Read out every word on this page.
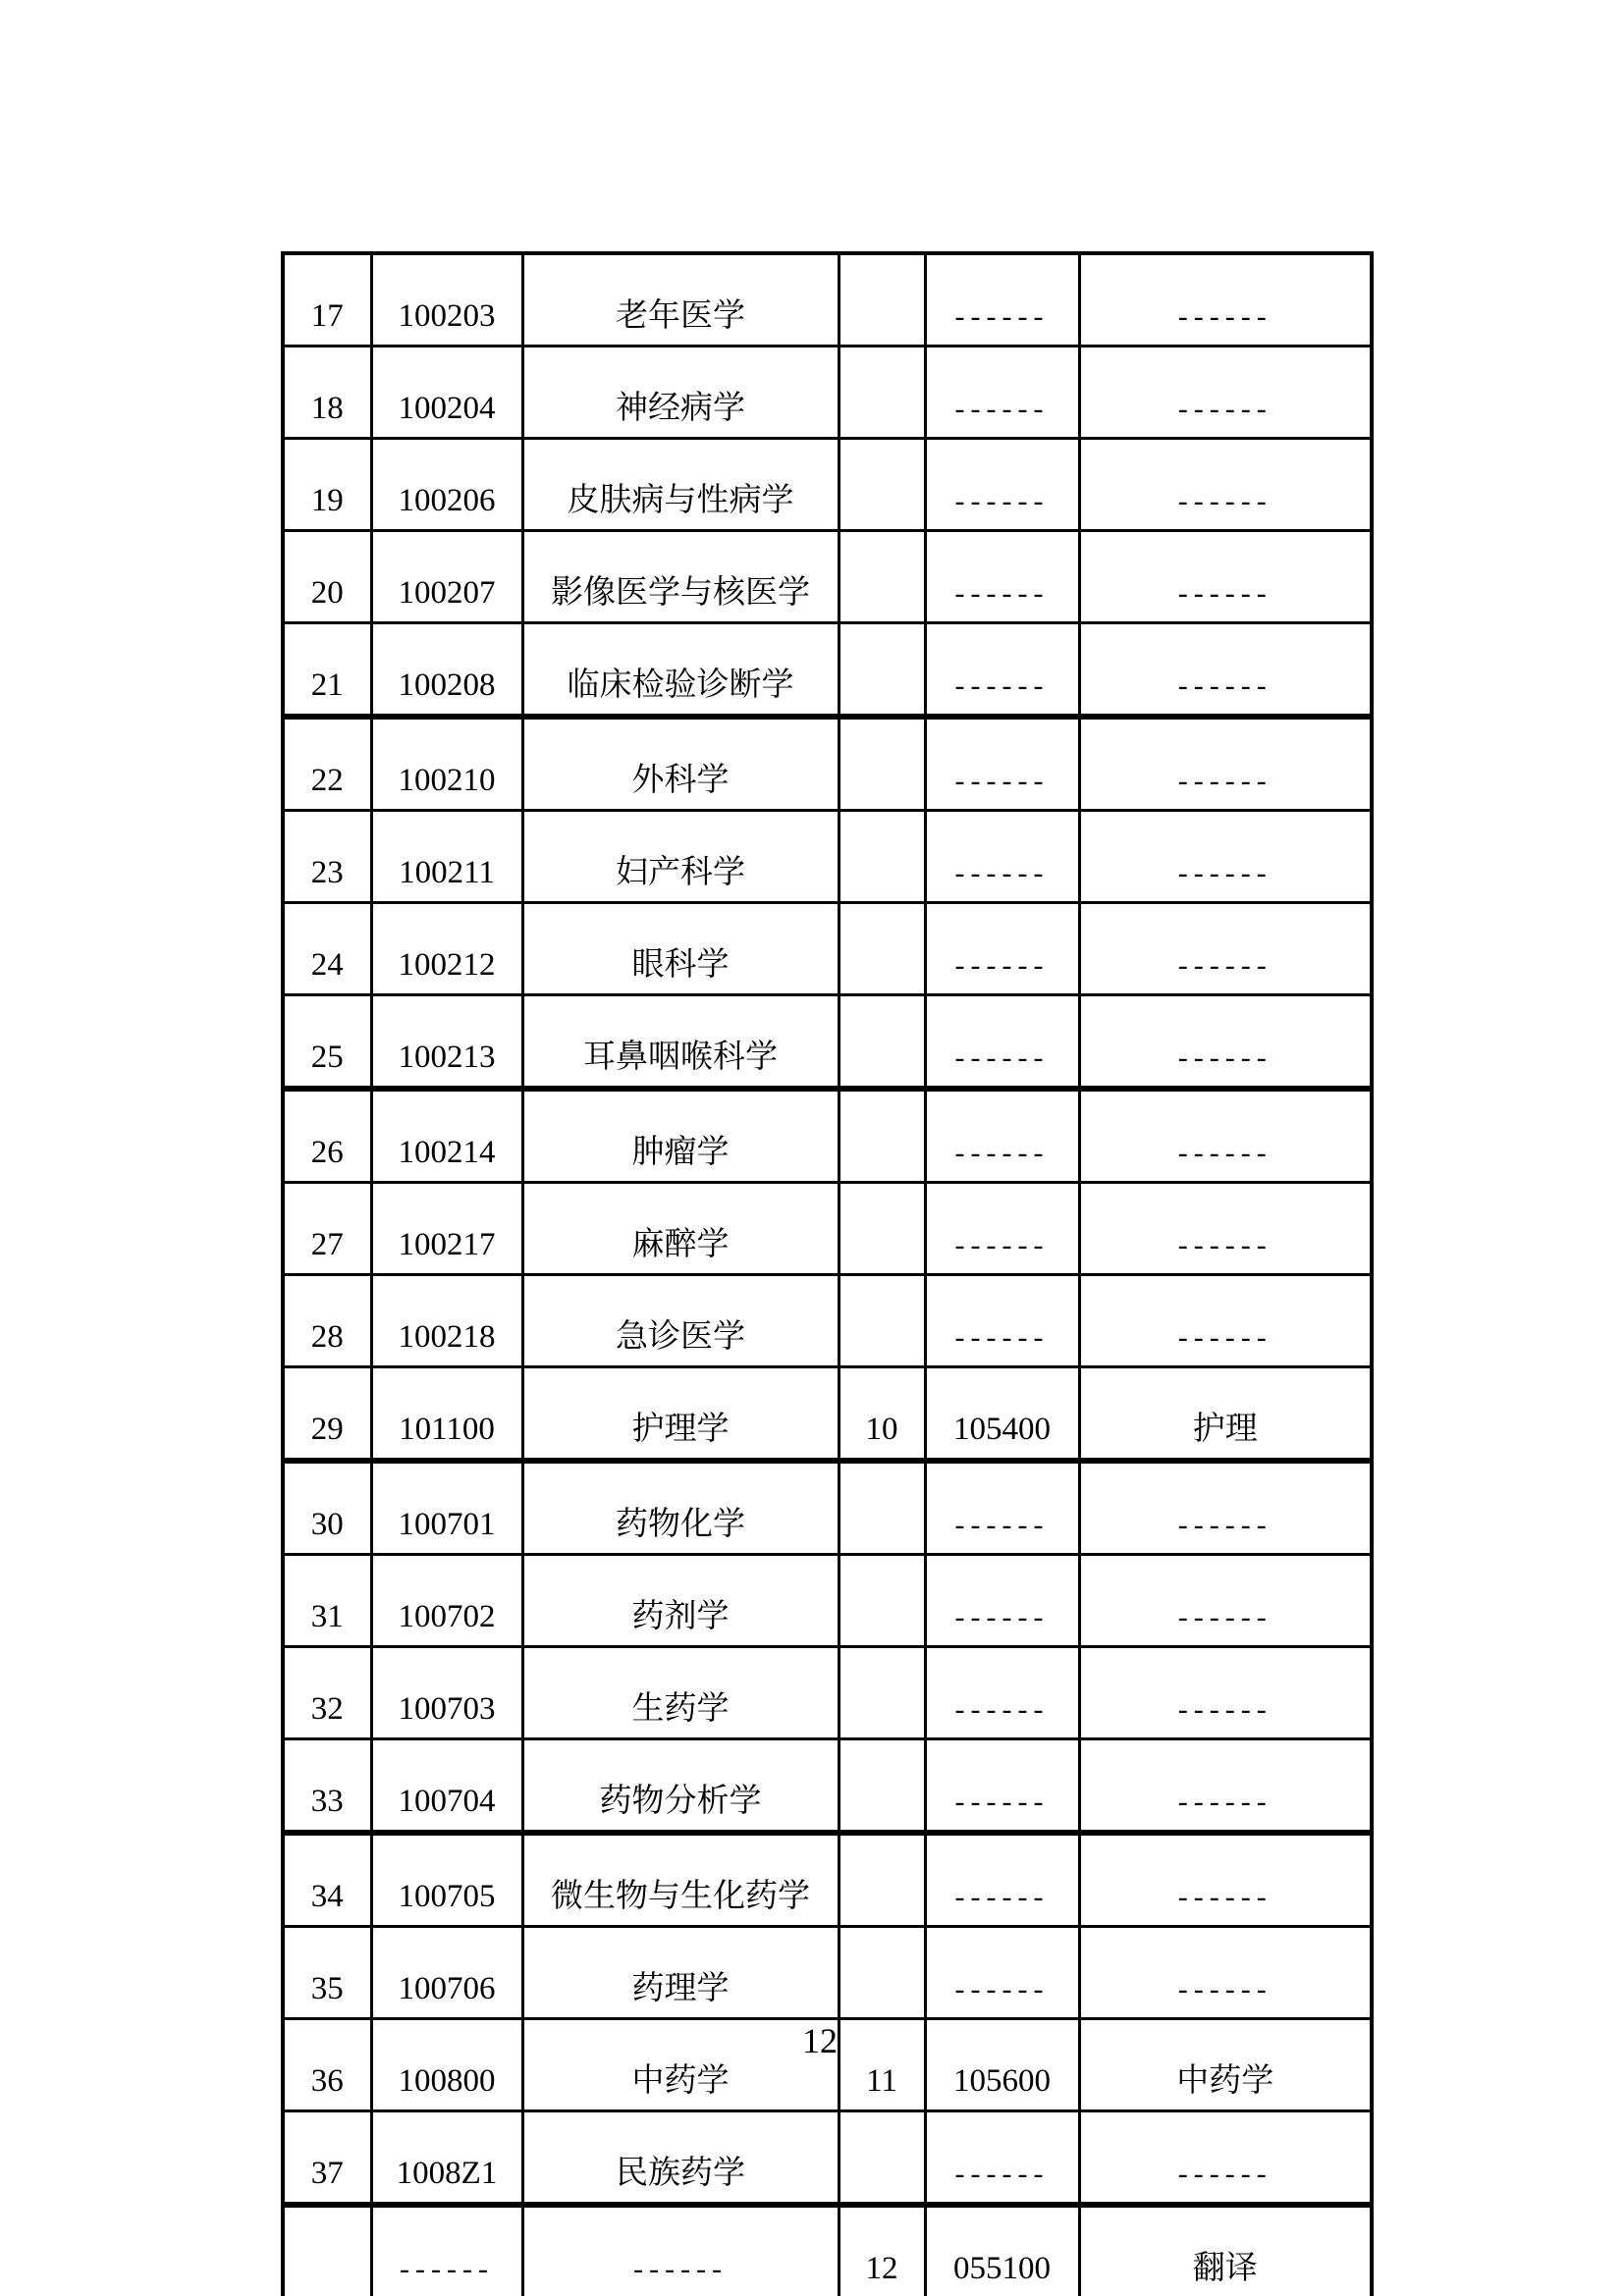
17	100203	老年医学		------	------
18	100204	神经病学		------	------
19	100206	皮肤病与性病学		------	------
20	100207	影像医学与核医学		------	------
21	100208	临床检验诊断学		------	------
22	100210	外科学		------	------
23	100211	妇产科学		------	------
24	100212	眼科学		------	------
25	100213	耳鼻咽喉科学		------	------
26	100214	肿瘤学		------	------
27	100217	麻醉学		------	------
28	100218	急诊医学		------	------
29	101100	护理学	10	105400	护理
30	100701	药物化学		------	------
31	100702	药剂学		------	------
32	100703	生药学		------	------
33	100704	药物分析学		------	------
34	100705	微生物与生化药学		------	------
35	100706	药理学		------	------
36	100800	中药学	11	105600	中药学
37	1008Z1	民族药学		------	------
	------	------	12	055100	翻译
12
